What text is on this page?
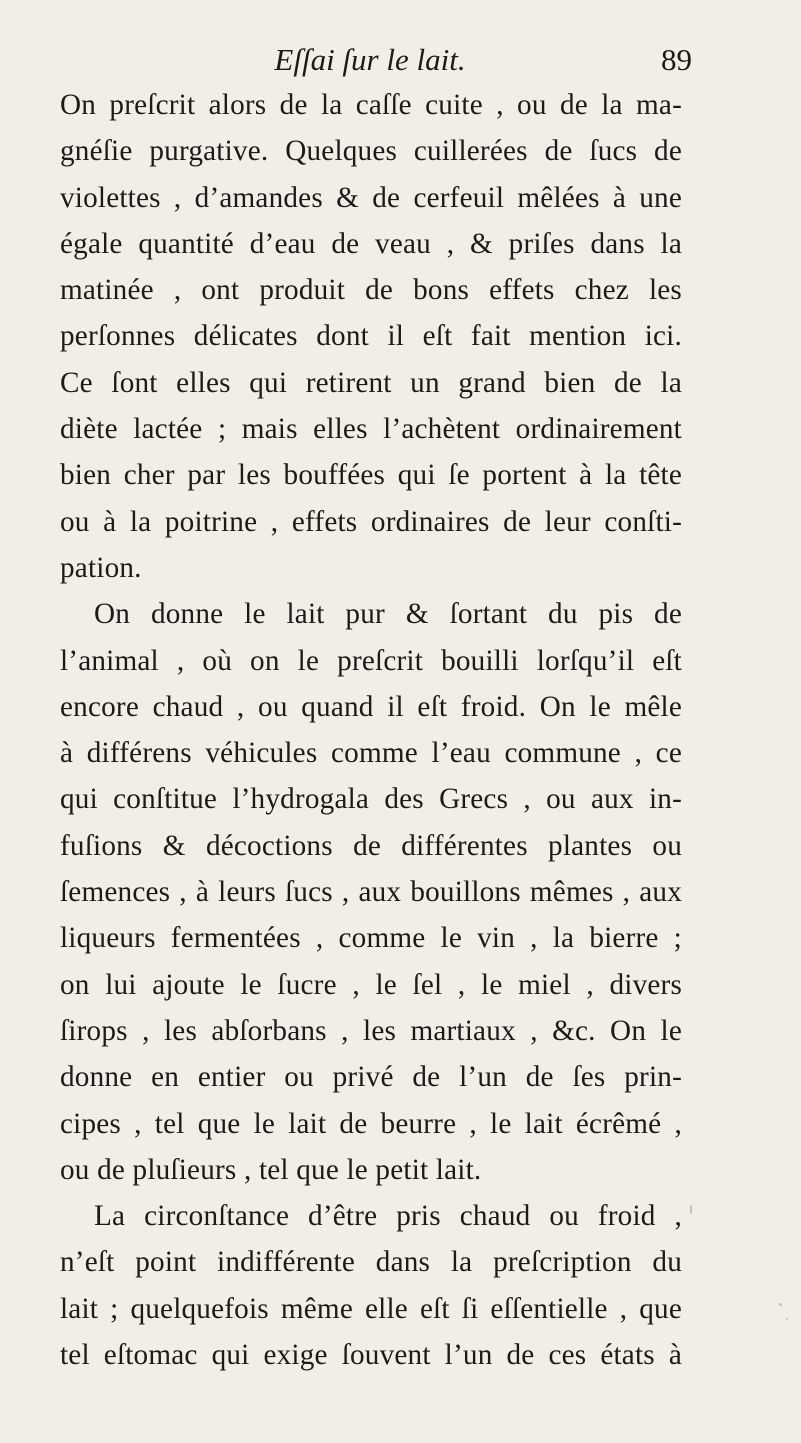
Eſſai ſur le lait.	89
On preſcrit alors de la caſſe cuite , ou de la ma-
gnéſie purgative. Quelques cuillerées de ſucs de
violettes , d’amandes & de cerfeuil mêlées à une
égale quantité d’eau de veau , & priſes dans la
matinée , ont produit de bons effets chez les
perſonnes délicates dont il eſt fait mention ici.
Ce ſont elles qui retirent un grand bien de la
diète lactée ; mais elles l’achètent ordinairement
bien cher par les bouffées qui ſe portent à la tête
ou à la poitrine , effets ordinaires de leur conſti-
pation.
On donne le lait pur & ſortant du pis de
l’animal , où on le preſcrit bouilli lorſqu’il eſt
encore chaud , ou quand il eſt froid. On le mêle
à différens véhicules comme l’eau commune , ce
qui conſtitue l’hydrogala des Grecs , ou aux in-
fuſions & décoctions de différentes plantes ou
ſemences , à leurs ſucs , aux bouillons mêmes , aux
liqueurs fermentées , comme le vin , la bierre ;
on lui ajoute le ſucre , le ſel , le miel , divers
ſirops , les abſorbans , les martiaux , &c. On le
donne en entier ou privé de l’un de ſes prin-
cipes , tel que le lait de beurre , le lait écrêmé ,
ou de pluſieurs , tel que le petit lait.
La circonſtance d’être pris chaud ou froid ,
n’eſt point indifférente dans la preſcription du
lait ; quelquefois même elle eſt ſi eſſentielle , que
tel eſtomac qui exige ſouvent l’un de ces états à
